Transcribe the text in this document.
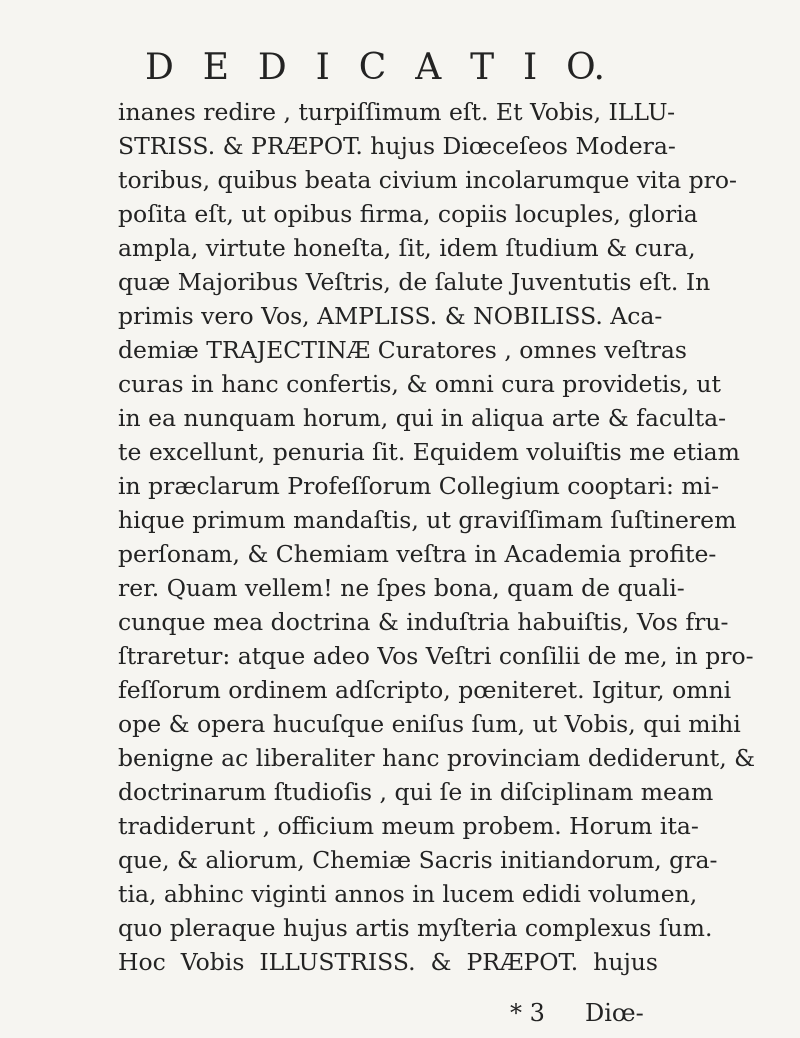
D E D I C A T I O.
inanes redire , turpiſſimum eſt. Et Vobis, ILLU-
STRISS. & PRÆPOT. hujus Diœceſeos Modera-
toribus, quibus beata civium incolarumque vita pro-
poſita eſt, ut opibus firma, copiis locuples, gloria
ampla, virtute honeſta, ſit, idem ſtudium & cura,
quæ Majoribus Veſtris, de ſalute Juventutis eſt. In
primis vero Vos, AMPLISS. & NOBILISS. Aca-
demiæ TRAJECTINÆ Curatores , omnes veſtras
curas in hanc confertis, & omni cura providetis, ut
in ea nunquam horum, qui in aliqua arte & faculta-
te excellunt, penuria ſit. Equidem voluiſtis me etiam
in præclarum Profeſſorum Collegium cooptari: mi-
hique primum mandaſtis, ut graviſſimam ſuſtinerem
perſonam, & Chemiam veſtra in Academia profite-
rer. Quam vellem! ne ſpes bona, quam de quali-
cunque mea doctrina & induſtria habuiſtis, Vos fru-
ſtraretur: atque adeo Vos Veſtri conſilii de me, in pro-
feſſorum ordinem adſcripto, pœniteret. Igitur, omni
ope & opera hucuſque eniſus ſum, ut Vobis, qui mihi
benigne ac liberaliter hanc provinciam dediderunt, &
doctrinarum ſtudioſis , qui ſe in diſciplinam meam
tradiderunt , officium meum probem. Horum ita-
que, & aliorum, Chemiæ Sacris initiandorum, gra-
tia, abhinc viginti annos in lucem edidi volumen,
quo pleraque hujus artis myſteria complexus ſum.
Hoc Vobis ILLUSTRISS. & PRÆPOT. hujus
* 3 Diœ-
